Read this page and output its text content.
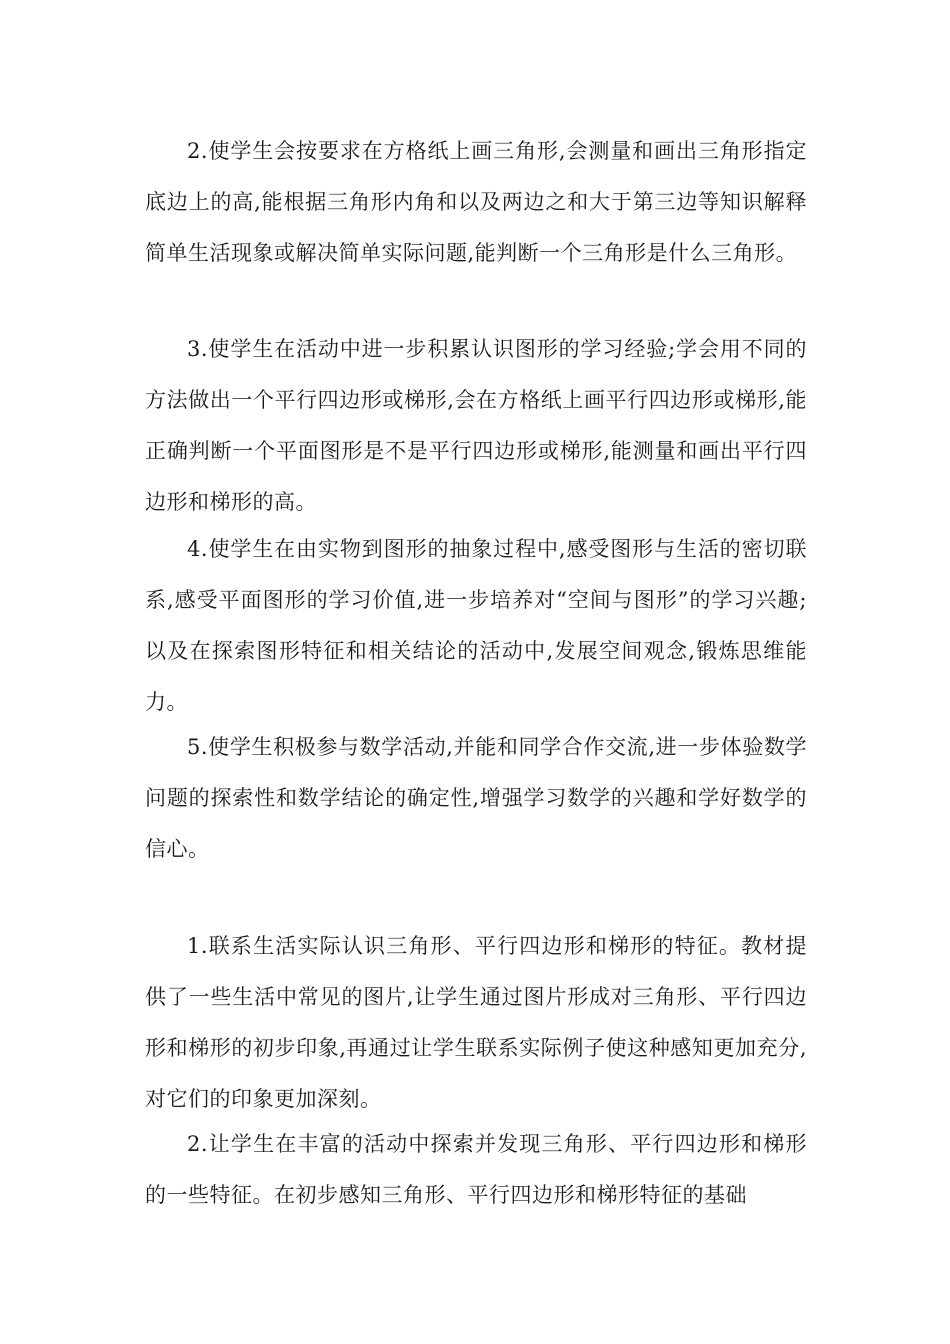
2.使学生会按要求在方格纸上画三角形,会测量和画出三角形指定底边上的高,能根据三角形内角和以及两边之和大于第三边等知识解释简单生活现象或解决简单实际问题,能判断一个三角形是什么三角形。

3.使学生在活动中进一步积累认识图形的学习经验;学会用不同的方法做出一个平行四边形或梯形,会在方格纸上画平行四边形或梯形,能正确判断一个平面图形是不是平行四边形或梯形,能测量和画出平行四边形和梯形的高。

4.使学生在由实物到图形的抽象过程中,感受图形与生活的密切联系,感受平面图形的学习价值,进一步培养对“空间与图形”的学习兴趣;以及在探索图形特征和相关结论的活动中,发展空间观念,锻炼思维能力。

5.使学生积极参与数学活动,并能和同学合作交流,进一步体验数学问题的探索性和数学结论的确定性,增强学习数学的兴趣和学好数学的信心。

1.联系生活实际认识三角形、平行四边形和梯形的特征。教材提供了一些生活中常见的图片,让学生通过图片形成对三角形、平行四边形和梯形的初步印象,再通过让学生联系实际例子使这种感知更加充分,对它们的印象更加深刻。

2.让学生在丰富的活动中探索并发现三角形、平行四边形和梯形的一些特征。在初步感知三角形、平行四边形和梯形特征的基础
